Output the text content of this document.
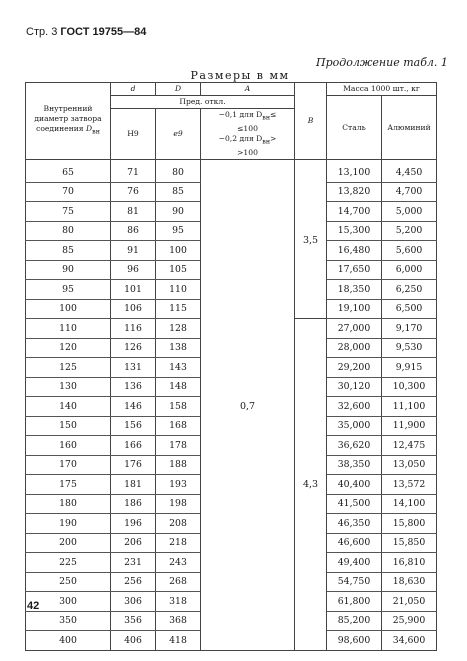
Стр. 3 ГОСТ 19755—84
Продолжение табл. 1
Размеры в мм
Внутренний диаметр затвора соединения $D_{вн}$	d	D	A	B	Масса 1000 шт., кг	
	Пред. откл.				Сталь	Алюминий
	H9	e9	−0,1 для $D_{вн}\le$
≤100
−0,2 для $D_{вн}>$
>100			

65	71	80	0,7	3,5	13,100	4,450
70	76	85			13,820	4,700
75	81	90			14,700	5,000
80	86	95			15,300	5,200
85	91	100			16,480	5,600
90	96	105			17,650	6,000
95	101	110			18,350	6,250
100	106	115			19,100	6,500
110	116	128		4,3	27,000	9,170
120	126	138			28,000	9,530
125	131	143			29,200	9,915
130	136	148			30,120	10,300
140	146	158			32,600	11,100
150	156	168			35,000	11,900
160	166	178			36,620	12,475
170	176	188			38,350	13,050
175	181	193			40,400	13,572
180	186	198			41,500	14,100
190	196	208			46,350	15,800
200	206	218			46,600	15,850
225	231	243			49,400	16,810
250	256	268			54,750	18,630
300	306	318			61,800	21,050
350	356	368			85,200	25,900
400	406	418			98,600	34,600
42
